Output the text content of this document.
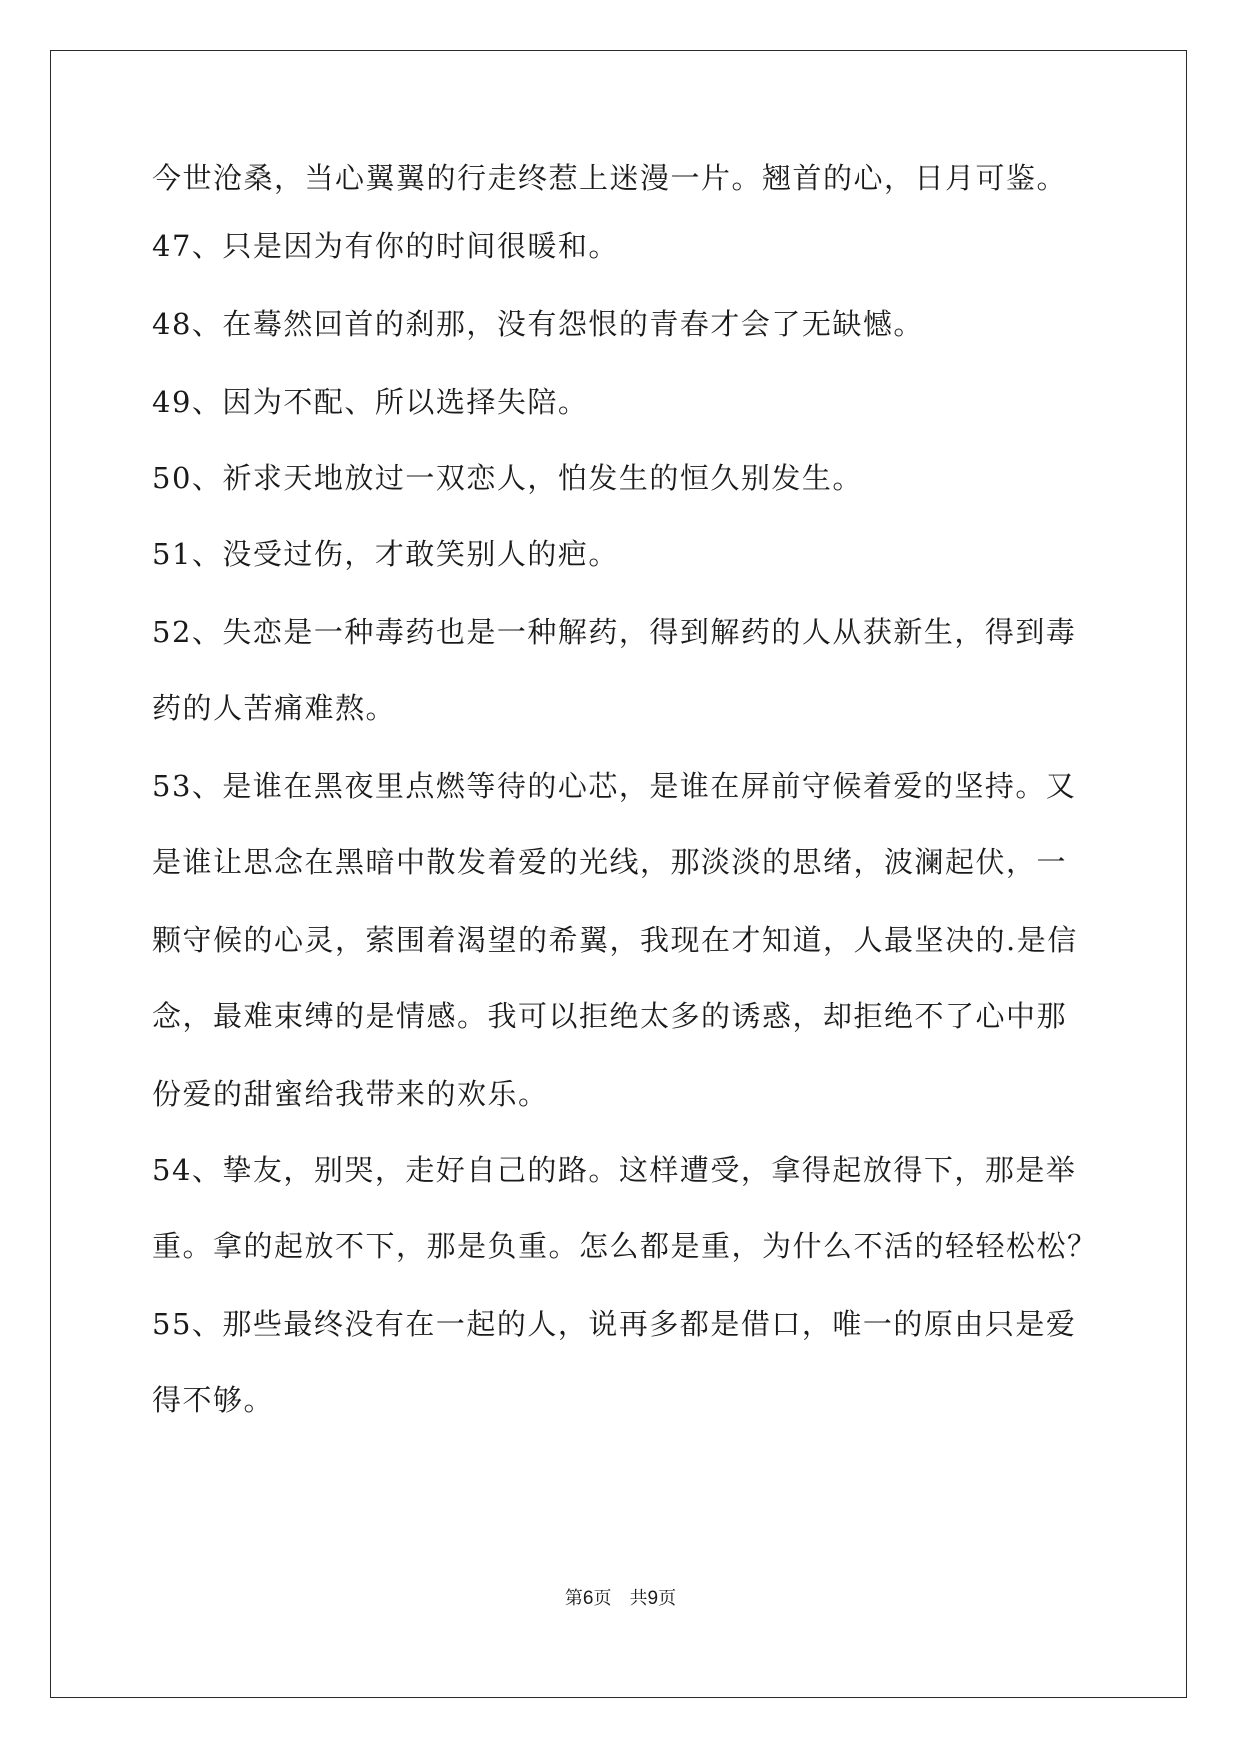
今世沧桑，当心翼翼的行走终惹上迷漫一片。翘首的心，日月可鉴。
47、只是因为有你的时间很暖和。
48、在蓦然回首的刹那，没有怨恨的青春才会了无缺憾。
49、因为不配、所以选择失陪。
50、祈求天地放过一双恋人，怕发生的恒久别发生。
51、没受过伤，才敢笑别人的疤。
52、失恋是一种毒药也是一种解药，得到解药的人从获新生，得到毒
药的人苦痛难熬。
53、是谁在黑夜里点燃等待的心芯，是谁在屏前守候着爱的坚持。又
是谁让思念在黑暗中散发着爱的光线，那淡淡的思绪，波澜起伏，一
颗守候的心灵，萦围着渴望的希翼，我现在才知道，人最坚决的.是信
念，最难束缚的是情感。我可以拒绝太多的诱惑，却拒绝不了心中那
份爱的甜蜜给我带来的欢乐。
54、挚友，别哭，走好自己的路。这样遭受，拿得起放得下，那是举
重。拿的起放不下，那是负重。怎么都是重，为什么不活的轻轻松松？
55、那些最终没有在一起的人，说再多都是借口，唯一的原由只是爱
得不够。
第6页 共9页
